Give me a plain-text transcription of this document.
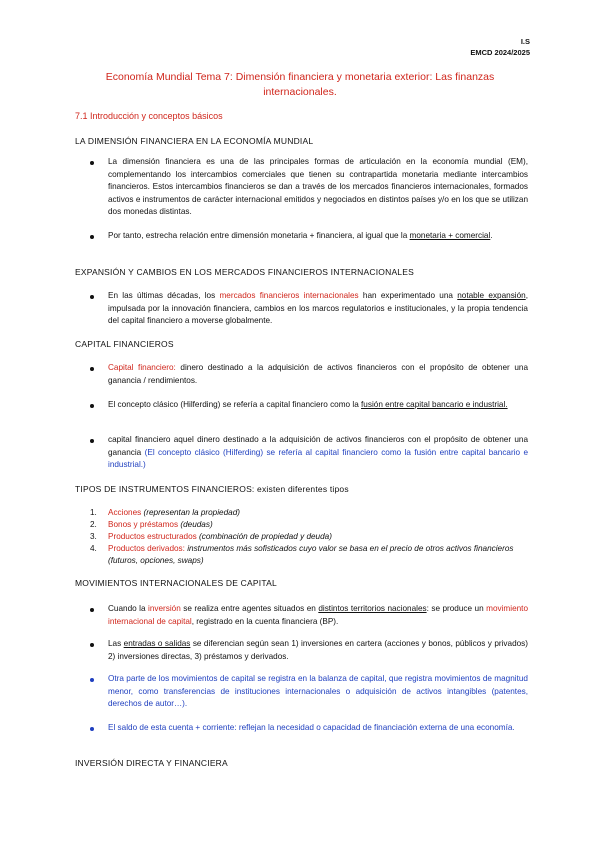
I.S
EMCD 2024/2025
Economía Mundial Tema 7: Dimensión financiera y monetaria exterior: Las finanzas internacionales.
7.1 Introducción y conceptos básicos
LA DIMENSIÓN FINANCIERA EN LA ECONOMÍA MUNDIAL
La dimensión financiera es una de las principales formas de articulación en la economía mundial (EM), complementando los intercambios comerciales que tienen su contrapartida monetaria mediante intercambios financieros. Estos intercambios financieros se dan a través de los mercados financieros internacionales, formados activos e instrumentos de carácter internacional emitidos y negociados en distintos países y/o en los que se utilizan dos monedas distintas.
Por tanto, estrecha relación entre dimensión monetaria + financiera, al igual que la monetaria + comercial.
EXPANSIÓN Y CAMBIOS EN LOS MERCADOS FINANCIEROS INTERNACIONALES
En las últimas décadas, los mercados financieros internacionales han experimentado una notable expansión, impulsada por la innovación financiera, cambios en los marcos regulatorios e institucionales, y la propia tendencia del capital financiero a moverse globalmente.
CAPITAL FINANCIEROS
Capital financiero: dinero destinado a la adquisición de activos financieros con el propósito de obtener una ganancia / rendimientos.
El concepto clásico (Hilferding) se refería a capital financiero como la fusión entre capital bancario e industrial.
capital financiero aquel dinero destinado a la adquisición de activos financieros con el propósito de obtener una ganancia (El concepto clásico (Hilferding) se refería al capital financiero como la fusión entre capital bancario e industrial.)
TIPOS DE INSTRUMENTOS FINANCIEROS: existen diferentes tipos
1. Acciones (representan la propiedad)
2. Bonos y préstamos (deudas)
3. Productos estructurados (combinación de propiedad y deuda)
4. Productos derivados: instrumentos más sofisticados cuyo valor se basa en el precio de otros activos financieros (futuros, opciones, swaps)
MOVIMIENTOS INTERNACIONALES DE CAPITAL
Cuando la inversión se realiza entre agentes situados en distintos territorios nacionales: se produce un movimiento internacional de capital, registrado en la cuenta financiera (BP).
Las entradas o salidas se diferencian según sean 1) inversiones en cartera (acciones y bonos, públicos y privados) 2) inversiones directas, 3) préstamos y derivados.
Otra parte de los movimientos de capital se registra en la balanza de capital, que registra movimientos de magnitud menor, como transferencias de instituciones internacionales o adquisición de activos intangibles (patentes, derechos de autor…).
El saldo de esta cuenta + corriente: reflejan la necesidad o capacidad de financiación externa de una economía.
INVERSIÓN DIRECTA Y FINANCIERA
